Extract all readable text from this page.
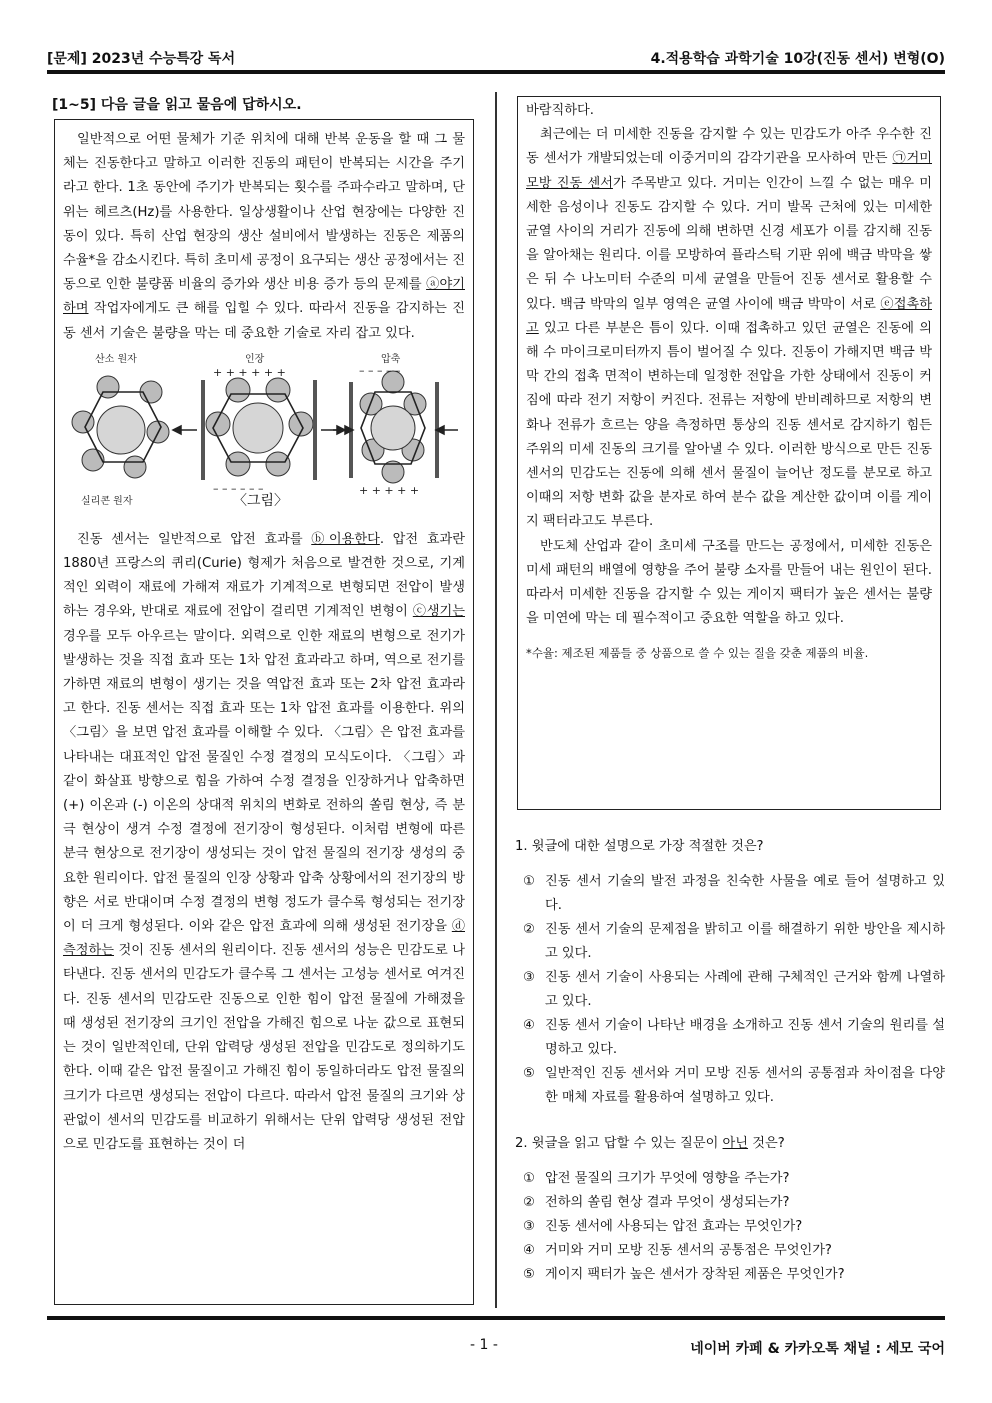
[문제] 2023년 수능특강 독서	4.적용학습 과학기술 10강(진동 센서) 변형(O)
[1~5] 다음 글을 읽고 물음에 답하시오.

일반적으로 어떤 물체가 기준 위치에 대해 반복 운동을 할 때 그 물체는 진동한다고 말하고 이러한 진동의 패턴이 반복되는 시간을 주기라고 한다. 1초 동안에 주기가 반복되는 횟수를 주파수라고 말하며, 단위는 헤르츠(Hz)를 사용한다. 일상생활이나 산업 현장에는 다양한 진동이 있다. 특히 산업 현장의 생산 설비에서 발생하는 진동은 제품의 수율*을 감소시킨다. 특히 초미세 공정이 요구되는 생산 공정에서는 진동으로 인한 불량품 비율의 증가와 생산 비용 증가 등의 문제를 ⓐ야기하며 작업자에게도 큰 해를 입힐 수 있다. 따라서 진동을 감지하는 진동 센서 기술은 불량을 막는 데 중요한 기술로 자리 잡고 있다.

+ + + + + +
– – – – – –
– – – – –
+ + + + +
산소 원자
실리콘 원자
인장	압축
〈그림〉

진동 센서는 일반적으로 압전 효과를 ⓑ이용한다. 압전 효과란 1880년 프랑스의 퀴리(Curie) 형제가 처음으로 발견한 것으로, 기계적인 외력이 재료에 가해져 재료가 기계적으로 변형되면 전압이 발생하는 경우와, 반대로 재료에 전압이 걸리면 기계적인 변형이 ⓒ생기는 경우를 모두 아우르는 말이다. 외력으로 인한 재료의 변형으로 전기가 발생하는 것을 직접 효과 또는 1차 압전 효과라고 하며, 역으로 전기를 가하면 재료의 변형이 생기는 것을 역압전 효과 또는 2차 압전 효과라고 한다. 진동 센서는 직접 효과 또는 1차 압전 효과를 이용한다. 위의 〈그림〉을 보면 압전 효과를 이해할 수 있다. 〈그림〉은 압전 효과를 나타내는 대표적인 압전 물질인 수정 결정의 모식도이다. 〈그림〉과 같이 화살표 방향으로 힘을 가하여 수정 결정을 인장하거나 압축하면 (+) 이온과 (-) 이온의 상대적 위치의 변화로 전하의 쏠림 현상, 즉 분극 현상이 생겨 수정 결정에 전기장이 형성된다. 이처럼 변형에 따른 분극 현상으로 전기장이 생성되는 것이 압전 물질의 전기장 생성의 중요한 원리이다. 압전 물질의 인장 상황과 압축 상황에서의 전기장의 방향은 서로 반대이며 수정 결정의 변형 정도가 클수록 형성되는 전기장이 더 크게 형성된다. 이와 같은 압전 효과에 의해 생성된 전기장을 ⓓ측정하는 것이 진동 센서의 원리이다. 진동 센서의 성능은 민감도로 나타낸다. 진동 센서의 민감도가 클수록 그 센서는 고성능 센서로 여겨진다. 진동 센서의 민감도란 진동으로 인한 힘이 압전 물질에 가해졌을 때 생성된 전기장의 크기인 전압을 가해진 힘으로 나눈 값으로 표현되는 것이 일반적인데, 단위 압력당 생성된 전압을 민감도로 정의하기도 한다. 이때 같은 압전 물질이고 가해진 힘이 동일하더라도 압전 물질의 크기가 다르면 생성되는 전압이 다르다. 따라서 압전 물질의 크기와 상관없이 센서의 민감도를 비교하기 위해서는 단위 압력당 생성된 전압으로 민감도를 표현하는 것이 더

바람직하다.

최근에는 더 미세한 진동을 감지할 수 있는 민감도가 아주 우수한 진동 센서가 개발되었는데 이중거미의 감각기관을 모사하여 만든 ㉠거미 모방 진동 센서가 주목받고 있다. 거미는 인간이 느낄 수 없는 매우 미세한 음성이나 진동도 감지할 수 있다. 거미 발목 근처에 있는 미세한 균열 사이의 거리가 진동에 의해 변하면 신경 세포가 이를 감지해 진동을 알아채는 원리다. 이를 모방하여 플라스틱 기판 위에 백금 박막을 쌓은 뒤 수 나노미터 수준의 미세 균열을 만들어 진동 센서로 활용할 수 있다. 백금 박막의 일부 영역은 균열 사이에 백금 박막이 서로 ⓔ접촉하고 있고 다른 부분은 틈이 있다. 이때 접촉하고 있던 균열은 진동에 의해 수 마이크로미터까지 틈이 벌어질 수 있다. 진동이 가해지면 백금 박막 간의 접촉 면적이 변하는데 일정한 전압을 가한 상태에서 진동이 커짐에 따라 전기 저항이 커진다. 전류는 저항에 반비례하므로 저항의 변화나 전류가 흐르는 양을 측정하면 통상의 진동 센서로 감지하기 힘든 주위의 미세 진동의 크기를 알아낼 수 있다. 이러한 방식으로 만든 진동 센서의 민감도는 진동에 의해 센서 물질이 늘어난 정도를 분모로 하고 이때의 저항 변화 값을 분자로 하여 분수 값을 계산한 값이며 이를 게이지 팩터라고도 부른다.

반도체 산업과 같이 초미세 구조를 만드는 공정에서, 미세한 진동은 미세 패턴의 배열에 영향을 주어 불량 소자를 만들어 내는 원인이 된다. 따라서 미세한 진동을 감지할 수 있는 게이지 팩터가 높은 센서는 불량을 미연에 막는 데 필수적이고 중요한 역할을 하고 있다.

*수율: 제조된 제품들 중 상품으로 쓸 수 있는 질을 갖춘 제품의 비율.

1. 윗글에 대한 설명으로 가장 적절한 것은?

① 진동 센서 기술의 발전 과정을 친숙한 사물을 예로 들어 설명하고 있다.
② 진동 센서 기술의 문제점을 밝히고 이를 해결하기 위한 방안을 제시하고 있다.
③ 진동 센서 기술이 사용되는 사례에 관해 구체적인 근거와 함께 나열하고 있다.
④ 진동 센서 기술이 나타난 배경을 소개하고 진동 센서 기술의 원리를 설명하고 있다.
⑤ 일반적인 진동 센서와 거미 모방 진동 센서의 공통점과 차이점을 다양한 매체 자료를 활용하여 설명하고 있다.

2. 윗글을 읽고 답할 수 있는 질문이 아닌 것은?

① 압전 물질의 크기가 무엇에 영향을 주는가?
② 전하의 쏠림 현상 결과 무엇이 생성되는가?
③ 진동 센서에 사용되는 압전 효과는 무엇인가?
④ 거미와 거미 모방 진동 센서의 공통점은 무엇인가?
⑤ 게이지 팩터가 높은 센서가 장착된 제품은 무엇인가?
- 1 -	네이버 카페 & 카카오톡 채널 : 세모 국어
